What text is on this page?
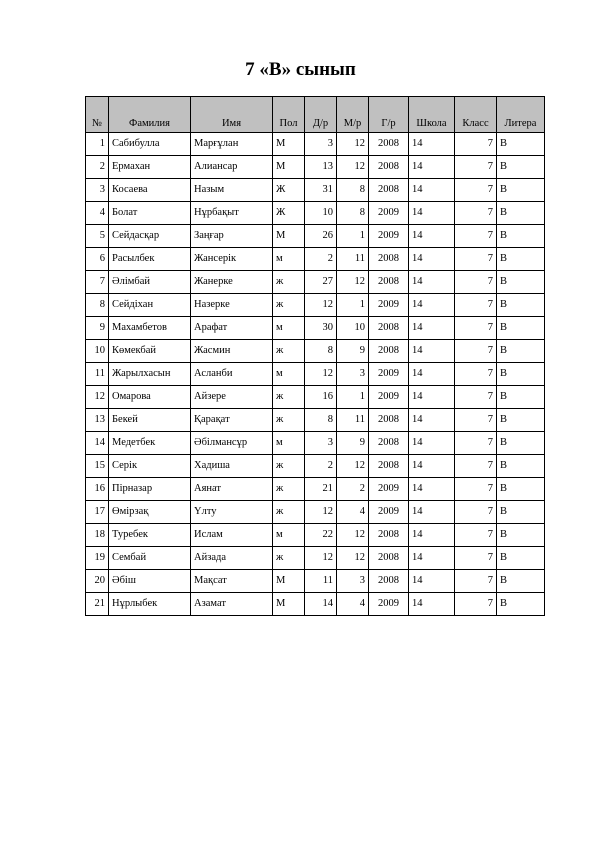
7 «В» сынып
№	Фамилия	Имя	Пол	Д/р	М/р	Г/р	Школа	Класс	Литера
1	Сабибулла	Марғұлан	М	3	12	2008	14	7	В
2	Ермахан	Алиансар	М	13	12	2008	14	7	В
3	Косаева	Назым	Ж	31	8	2008	14	7	В
4	Болат	Нұрбақыт	Ж	10	8	2009	14	7	В
5	Сейдасқар	Заңғар	М	26	1	2009	14	7	В
6	Расылбек	Жансерік	м	2	11	2008	14	7	В
7	Әлімбай	Жанерке	ж	27	12	2008	14	7	В
8	Сейдіхан	Назерке	ж	12	1	2009	14	7	В
9	Махамбетов	Арафат	м	30	10	2008	14	7	В
10	Көмекбай	Жасмин	ж	8	9	2008	14	7	В
11	Жарылхасын	Асланби	м	12	3	2009	14	7	В
12	Омарова	Айзере	ж	16	1	2009	14	7	В
13	Бекей	Қарақат	ж	8	11	2008	14	7	В
14	Медетбек	Әбілмансұр	м	3	9	2008	14	7	В
15	Серік	Хадиша	ж	2	12	2008	14	7	В
16	Пірназар	Аянат	ж	21	2	2009	14	7	В
17	Өмірзақ	Үлту	ж	12	4	2009	14	7	В
18	Туребек	Ислам	м	22	12	2008	14	7	В
19	Сембай	Айзада	ж	12	12	2008	14	7	В
20	Әбіш	Мақсат	М	11	3	2008	14	7	В
21	Нұрлыбек	Азамат	М	14	4	2009	14	7	В
